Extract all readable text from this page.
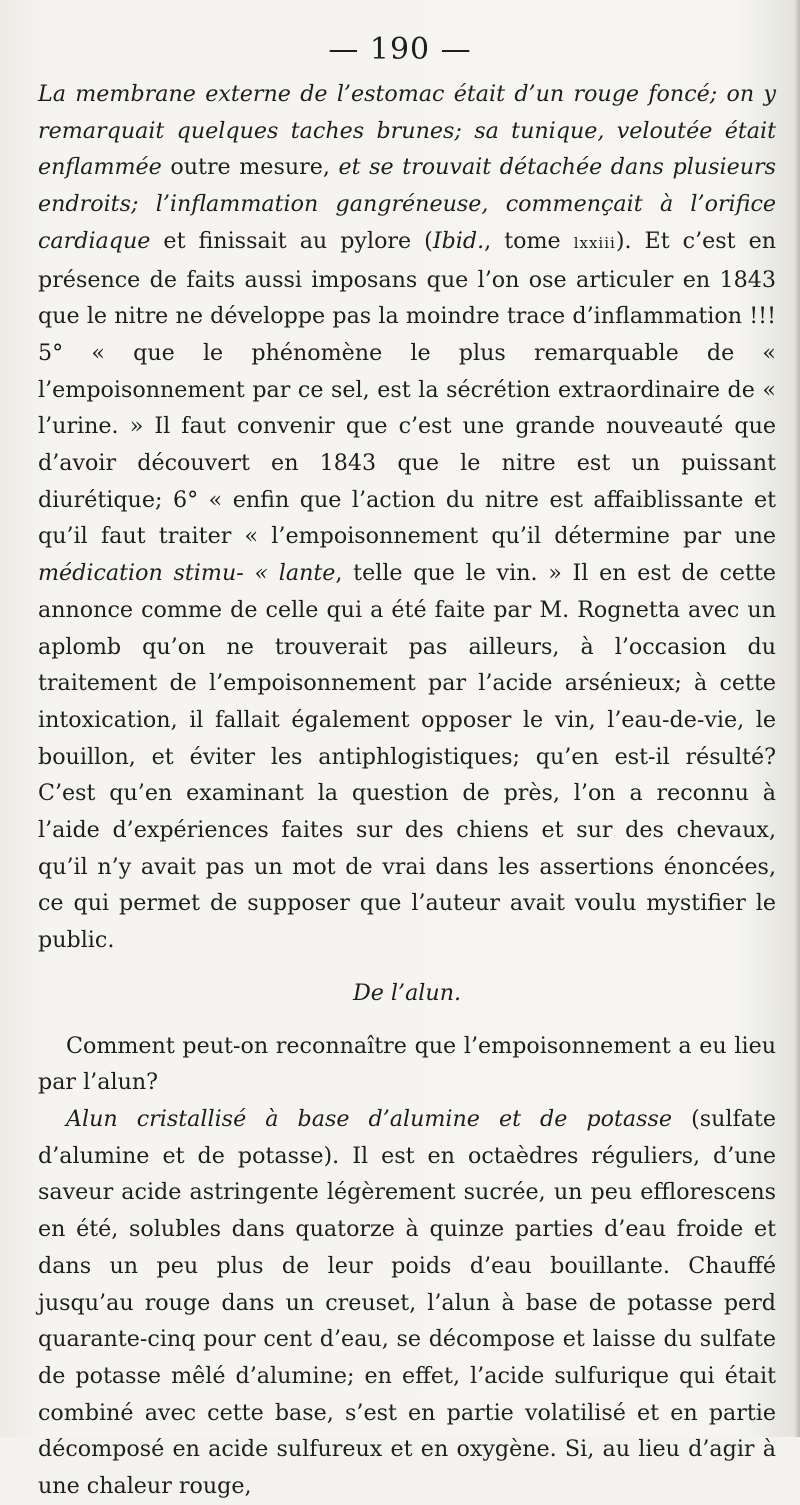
— 190 —

La membrane externe de l’estomac était d’un rouge foncé; on y remarquait quelques taches brunes; sa tunique, veloutée était enflammée outre mesure, et se trouvait détachée dans plusieurs endroits; l’inflammation gangréneuse, commençait à l’orifice cardiaque et finissait au pylore (Ibid., tome lxxiii). Et c’est en présence de faits aussi imposans que l’on ose articuler en 1843 que le nitre ne développe pas la moindre trace d’inflammation !!! 5° « que le phénomène le plus remarquable de « l’empoisonnement par ce sel, est la sécrétion extraordinaire de « l’urine. » Il faut convenir que c’est une grande nouveauté que d’avoir découvert en 1843 que le nitre est un puissant diurétique; 6° « enfin que l’action du nitre est affaiblissante et qu’il faut traiter « l’empoisonnement qu’il détermine par une médication stimu- « lante, telle que le vin. » Il en est de cette annonce comme de celle qui a été faite par M. Rognetta avec un aplomb qu’on ne trouverait pas ailleurs, à l’occasion du traitement de l’empoisonnement par l’acide arsénieux; à cette intoxication, il fallait également opposer le vin, l’eau-de-vie, le bouillon, et éviter les antiphlogistiques; qu’en est-il résulté? C’est qu’en examinant la question de près, l’on a reconnu à l’aide d’expériences faites sur des chiens et sur des chevaux, qu’il n’y avait pas un mot de vrai dans les assertions énoncées, ce qui permet de supposer que l’auteur avait voulu mystifier le public.

De l’alun.

Comment peut-on reconnaître que l’empoisonnement a eu lieu par l’alun?

Alun cristallisé à base d’alumine et de potasse (sulfate d’alumine et de potasse). Il est en octaèdres réguliers, d’une saveur acide astringente légèrement sucrée, un peu efflorescens en été, solubles dans quatorze à quinze parties d’eau froide et dans un peu plus de leur poids d’eau bouillante. Chauffé jusqu’au rouge dans un creuset, l’alun à base de potasse perd quarante-cinq pour cent d’eau, se décompose et laisse du sulfate de potasse mêlé d’alumine; en effet, l’acide sulfurique qui était combiné avec cette base, s’est en partie volatilisé et en partie décomposé en acide sulfureux et en oxygène. Si, au lieu d’agir à une chaleur rouge,
